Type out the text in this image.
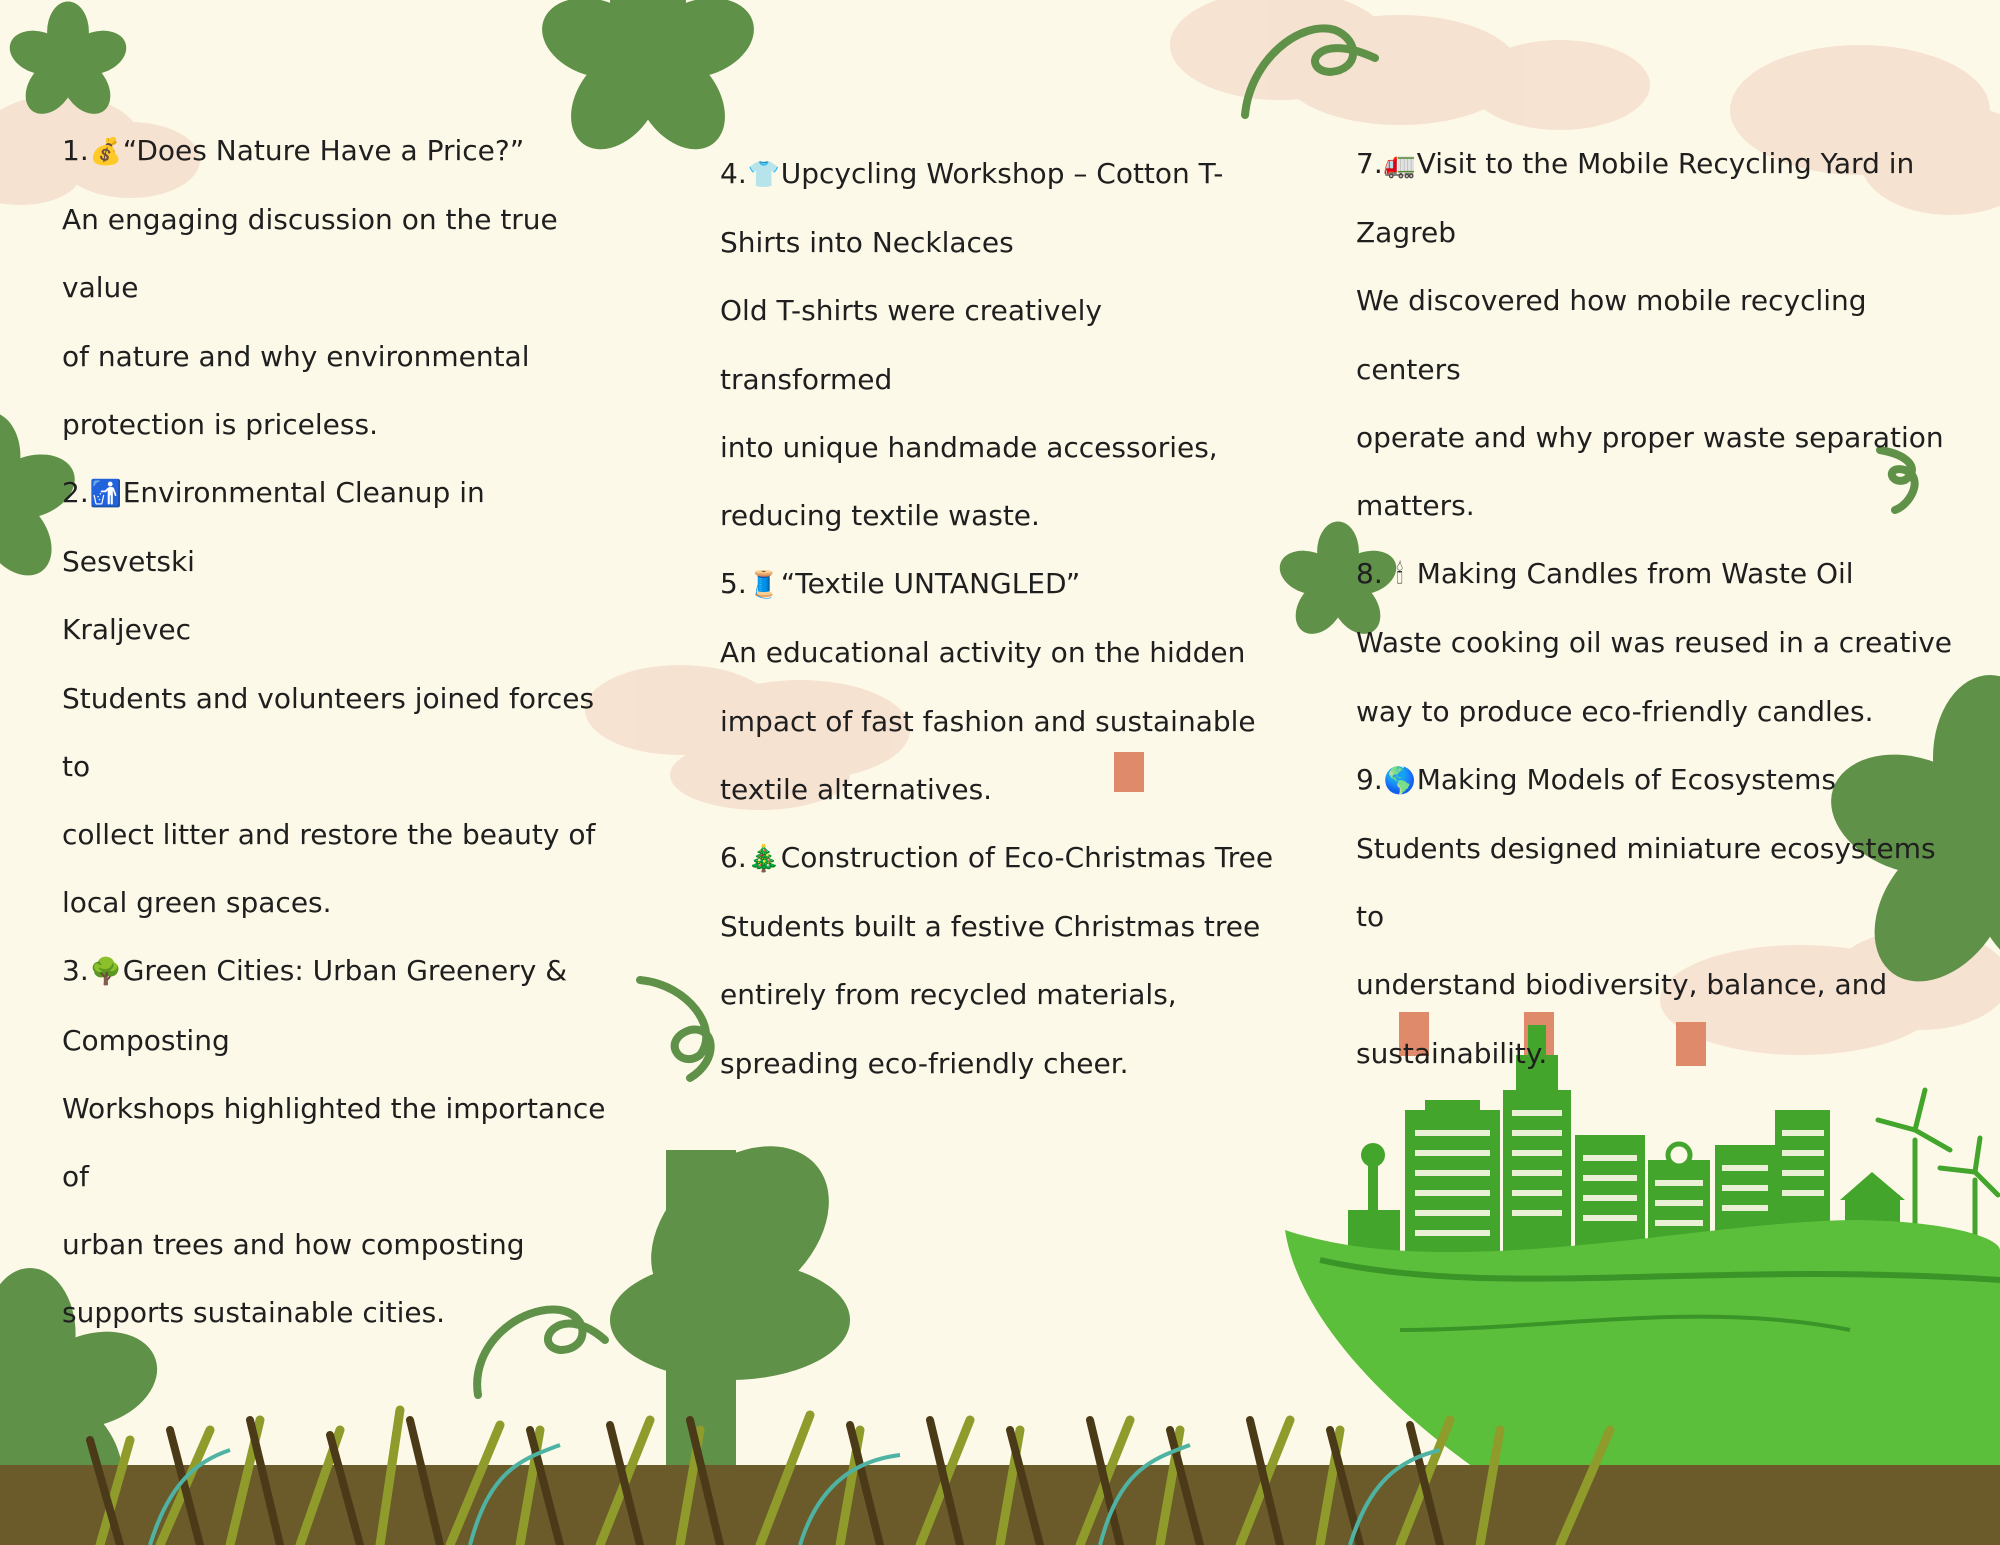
1.💰“Does Nature Have a Price?”

An engaging discussion on the true value

of nature and why environmental

protection is priceless.

2.🚮Environmental Cleanup in Sesvetski

Kraljevec

Students and volunteers joined forces to

collect litter and restore the beauty of

local green spaces.

3.🌳Green Cities: Urban Greenery &

Composting

Workshops highlighted the importance of

urban trees and how composting

supports sustainable cities.

4.👕Upcycling Workshop – Cotton T-

Shirts into Necklaces

Old T-shirts were creatively transformed

into unique handmade accessories,

reducing textile waste.

5.🧵“Textile UNTANGLED”

An educational activity on the hidden

impact of fast fashion and sustainable

textile alternatives.

6.🎄Construction of Eco-Christmas Tree

Students built a festive Christmas tree

entirely from recycled materials,

spreading eco-friendly cheer.

7.🚛Visit to the Mobile Recycling Yard in

Zagreb

We discovered how mobile recycling centers

operate and why proper waste separation

matters.

8. 🕯 Making Candles from Waste Oil

Waste cooking oil was reused in a creative

way to produce eco-friendly candles.

9.🌎Making Models of Ecosystems

Students designed miniature ecosystems to

understand biodiversity, balance, and

sustainability.
